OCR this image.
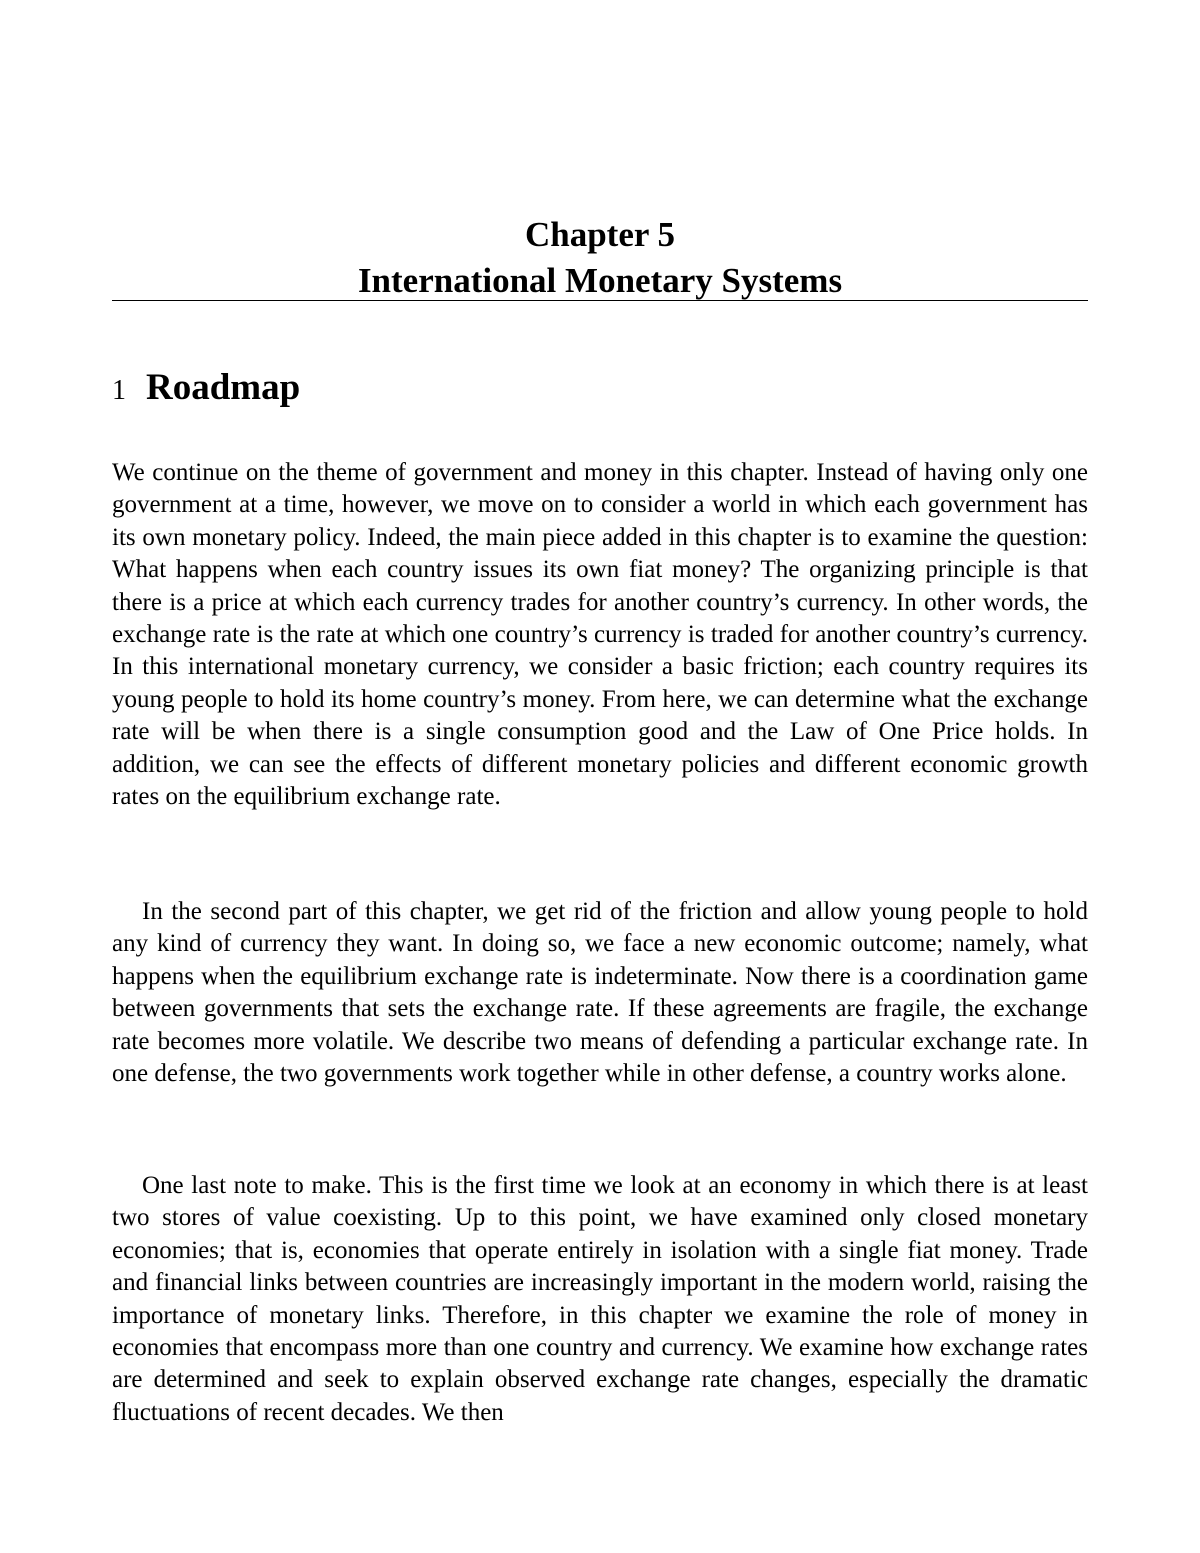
Chapter 5
International Monetary Systems
1 Roadmap

We continue on the theme of government and money in this chapter. Instead of having only one government at a time, however, we move on to consider a world in which each government has its own monetary policy. Indeed, the main piece added in this chapter is to examine the question: What happens when each country issues its own fiat money? The organizing principle is that there is a price at which each currency trades for another country’s currency. In other words, the exchange rate is the rate at which one country’s currency is traded for another country’s currency. In this international monetary currency, we consider a basic friction; each country requires its young people to hold its home country’s money. From here, we can determine what the exchange rate will be when there is a single consumption good and the Law of One Price holds. In addition, we can see the effects of different monetary policies and different economic growth rates on the equilibrium exchange rate.

In the second part of this chapter, we get rid of the friction and allow young people to hold any kind of currency they want. In doing so, we face a new economic outcome; namely, what happens when the equilibrium exchange rate is indeterminate. Now there is a coordination game between governments that sets the exchange rate. If these agreements are fragile, the exchange rate becomes more volatile. We describe two means of defending a particular exchange rate. In one defense, the two governments work together while in other defense, a country works alone.

One last note to make. This is the first time we look at an economy in which there is at least two stores of value coexisting. Up to this point, we have examined only closed monetary economies; that is, economies that operate entirely in isolation with a single fiat money. Trade and financial links between countries are increasingly important in the modern world, raising the importance of monetary links. Therefore, in this chapter we examine the role of money in economies that encompass more than one country and currency. We examine how exchange rates are determined and seek to explain observed exchange rate changes, especially the dramatic fluctuations of recent decades. We then
